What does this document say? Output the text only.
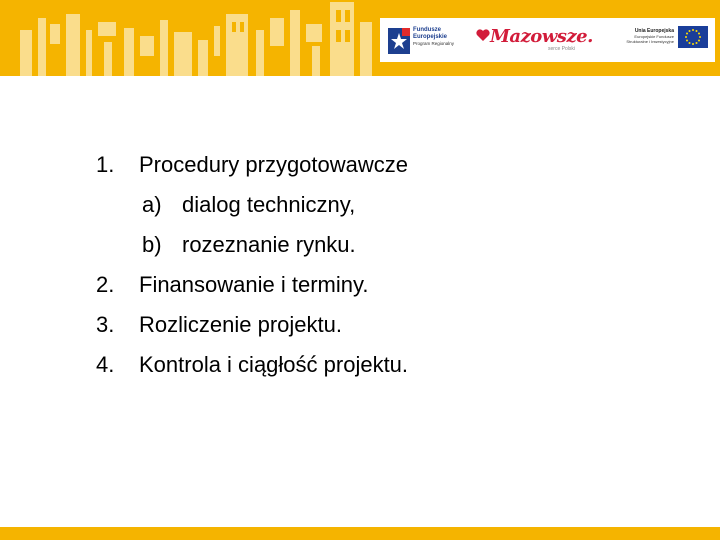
Fundusze
Europejskie
Program Regionalny Mazowsze.
serce Polski
Unia Europejska
Europejskie Fundusze
Strukturalne i Inwestycyjne
1.	Procedury przygotowawcze
a) dialog techniczny,
b) rozeznanie rynku.
2.	Finansowanie i terminy.
3.	Rozliczenie projektu.
4.	Kontrola i ciągłość projektu.
